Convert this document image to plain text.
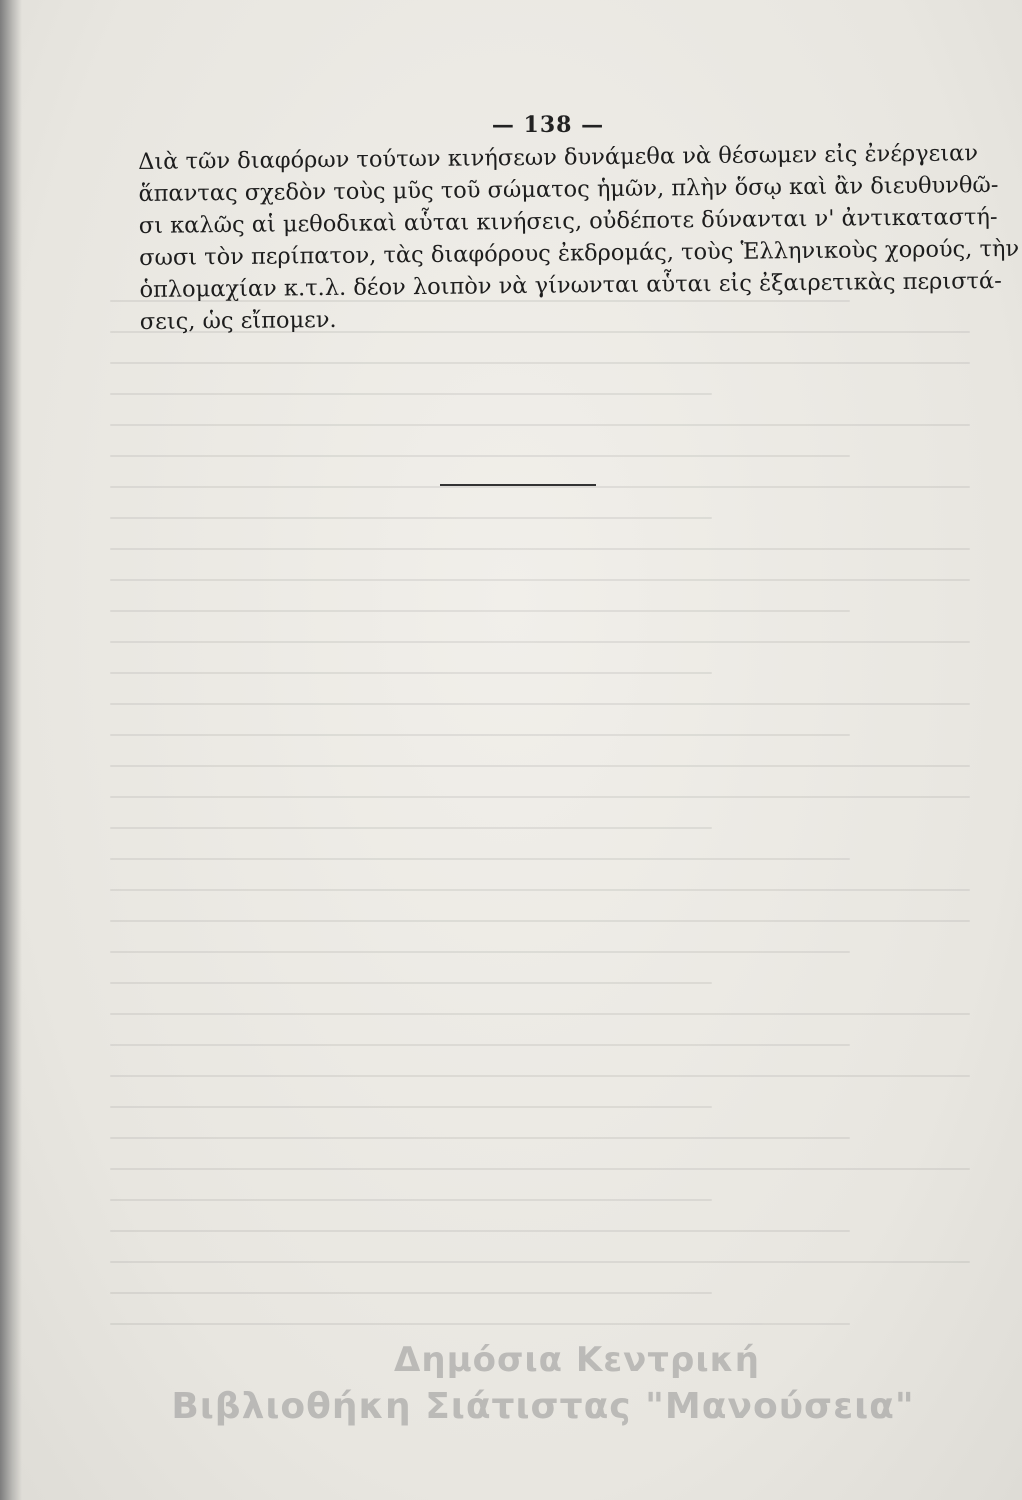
— 138 —
Διὰ τῶν διαφόρων τούτων κινήσεων δυνάμεθα νὰ θέσωμεν εἰς ἐνέργειαν
ἅπαντας σχεδὸν τοὺς μῦς τοῦ σώματος ἡμῶν, πλὴν ὅσῳ καὶ ἂν διευθυνθῶ-
σι καλῶς αἱ μεθοδικαὶ αὗται κινήσεις, οὐδέποτε δύνανται ν' ἀντικαταστή-
σωσι τὸν περίπατον, τὰς διαφόρους ἐκδρομάς, τοὺς Ἑλληνικοὺς χορούς, τὴν
ὁπλομαχίαν κ.τ.λ. δέον λοιπὸν νὰ γίνωνται αὗται εἰς ἐξαιρετικὰς περιστά-
σεις, ὡς εἴπομεν.
Δημόσια Κεντρική
Βιβλιοθήκη Σιάτιστας "Μανούσεια"
